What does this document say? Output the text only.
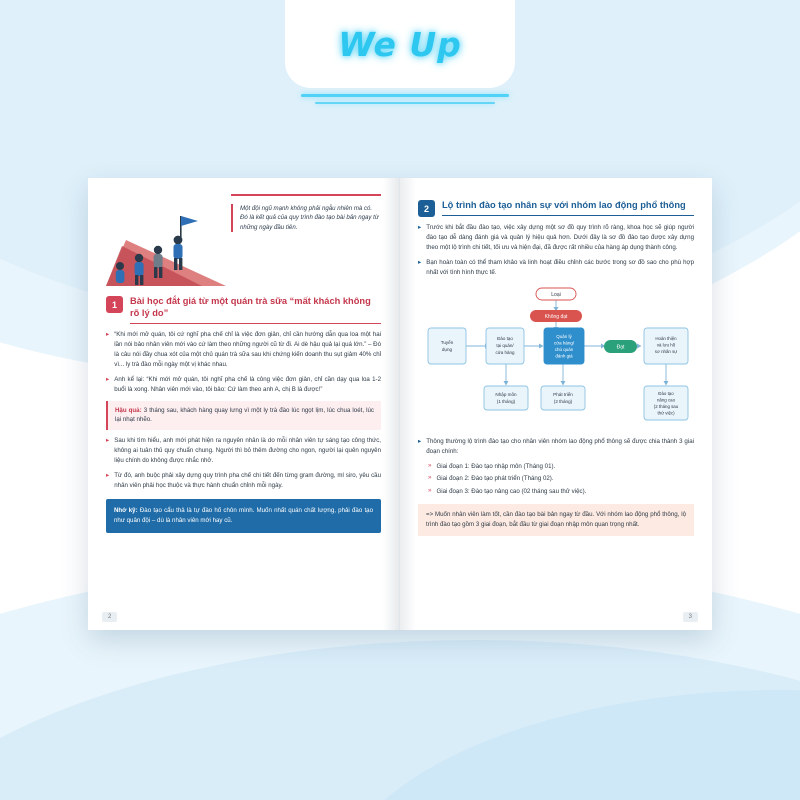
We Up
Một đội ngũ mạnh không phải ngẫu nhiên mà có. Đó là kết quả của quy trình đào tạo bài bản ngay từ những ngày đầu tiên.
1	Bài học đắt giá từ một quán trà sữa “mất khách không rõ lý do”
▸ “Khi mới mở quán, tôi cứ nghĩ pha chế chỉ là việc đơn giản, chỉ cần hướng dẫn qua loa một hai lần nói bảo nhân viên mới vào cứ làm theo những người cũ từ đi. Ai dè hậu quả lại quá lớn.” – Đó là câu nói đầy chua xót của một chủ quán trà sữa sau khi chứng kiến doanh thu sụt giảm 40% chỉ vì... ly trà đào mỗi ngày một vị khác nhau.
▸ Anh kể lại: “Khi mới mở quán, tôi nghĩ pha chế là công việc đơn giản, chỉ cần dạy qua loa 1-2 buổi là xong. Nhân viên mới vào, tôi bảo: Cứ làm theo anh A, chị B là được!”
Hậu quả: 3 tháng sau, khách hàng quay lưng vì một ly trà đào lúc ngọt lịm, lúc chua loét, lúc lại nhạt nhẽo.
▸ Sau khi tìm hiểu, anh mới phát hiện ra nguyên nhân là do mỗi nhân viên tự sáng tạo công thức, không ai tuân thủ quy chuẩn chung. Người thì bỏ thêm đường cho ngon, người lại quên nguyên liệu chính do không được nhắc nhở.
▸ Từ đó, anh buộc phải xây dựng quy trình pha chế chi tiết đến từng gram đường, ml siro, yêu cầu nhân viên phải học thuộc và thực hành chuẩn chỉnh mỗi ngày.
Nhớ kỹ: Đào tạo cẩu thả là tự đào hố chôn mình. Muốn nhất quán chất lượng, phải đào tạo như quân đội – dù là nhân viên mới hay cũ.
2
2	Lộ trình đào tạo nhân sự với nhóm lao động phổ thông
▸ Trước khi bắt đầu đào tạo, việc xây dựng một sơ đồ quy trình rõ ràng, khoa học sẽ giúp người đào tạo dễ dàng đánh giá và quản lý hiệu quả hơn. Dưới đây là sơ đồ đào tạo được xây dựng theo một lộ trình chi tiết, tối ưu và hiện đại, đã được rất nhiều của hàng áp dụng thành công.
▸ Bạn hoàn toàn có thể tham khảo và linh hoạt điều chỉnh các bước trong sơ đồ sao cho phù hợp nhất với tình hình thực tế.
Loại
Không đạt
Tuyển
dụng
Đào tạo
tại quán/
cửa hàng
Quản lý
cửa hàng/
chủ quán
đánh giá
Đạt
Hoàn thiện
và lưu hồ
sơ nhân sự
Nhập môn
(1 tháng)
Phát triển
(2 tháng)
Đào tạo
nâng cao
(2 tháng sau
thử việc)
▸ Thông thường lộ trình đào tạo cho nhân viên nhóm lao động phổ thông sẽ được chia thành 3 giai đoạn chính:
» Giai đoạn 1: Đào tạo nhập môn (Tháng 01).
» Giai đoạn 2: Đào tạo phát triển (Tháng 02).
» Giai đoạn 3: Đào tạo nâng cao (02 tháng sau thử việc).
=> Muốn nhân viên làm tốt, cần đào tạo bài bản ngay từ đầu. Với nhóm lao động phổ thông, lộ trình đào tạo gồm 3 giai đoạn, bắt đầu từ giai đoạn nhập môn quan trọng nhất.
3
